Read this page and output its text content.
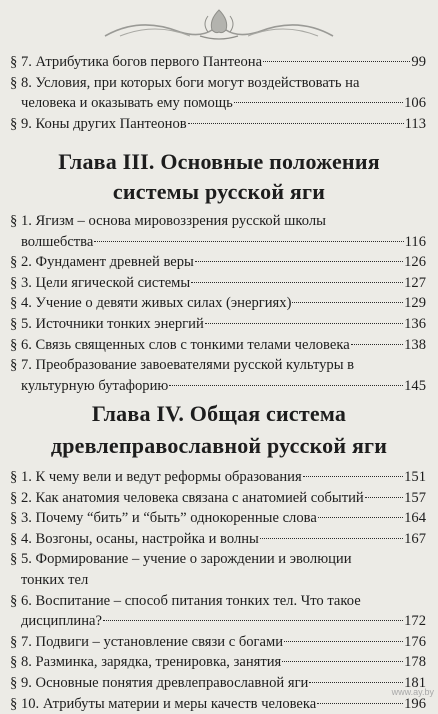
Глава III. Основные положения
системы русской яги
Глава IV. Общая система
древлеправославной русской яги
www.ay.by
§ 7. Атрибутика богов первого Пантеона	99
§ 8. Условия, при которых боги могут воздействовать на
человека и оказывать ему помощь	106
§ 9. Коны других Пантеонов	113
§ 1. Ягизм – основа мировоззрения русской школы
волшебства	116
§ 2. Фундамент древней веры	126
§ 3. Цели ягической системы	127
§ 4. Учение о девяти живых силах (энергиях)	129
§ 5. Источники тонких энергий	136
§ 6. Связь священных слов с тонкими телами человека	138
§ 7. Преобразование завоевателями русской культуры в
культурную бутафорию	145
§ 1. К чему вели и ведут реформы образования	151
§ 2. Как анатомия человека связана с анатомией событий	157
§ 3. Почему “бить” и “быть” однокоренные слова	164
§ 4. Возгоны, осаны, настройка и волны	167
§ 5. Формирование – учение о зарождении и эволюции
тонких тел
§ 6. Воспитание – способ питания тонких тел. Что такое
дисциплина?	172
§ 7. Подвиги – установление связи с богами	176
§ 8. Разминка, зарядка, тренировка, занятия	178
§ 9. Основные понятия древлеправославной яги	181
§ 10. Атрибуты материи и меры качеств человека	196
